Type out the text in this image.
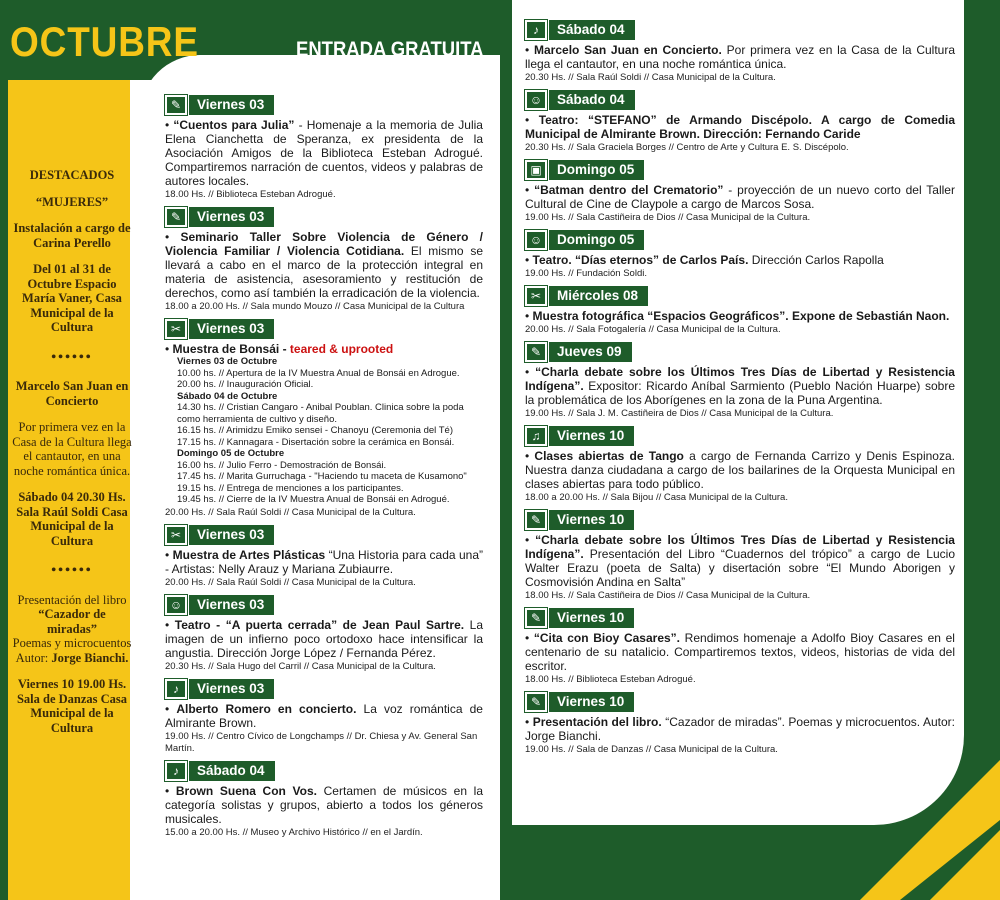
OCTUBRE	ENTRADA GRATUITA

DESTACADOS

“MUJERES”

Instalación a cargo de Carina Perello

Del 01 al 31 de Octubre Espacio María Vaner, Casa Municipal de la Cultura

••••••

Marcelo San Juan en Concierto

Por primera vez en la Casa de la Cultura llega el cantautor, en una noche romántica única.

Sábado 04 20.30 Hs. Sala Raúl Soldi Casa Municipal de la Cultura

••••••

Presentación del libro
“Cazador de miradas”
Poemas y microcuentos
Autor: Jorge Bianchi.

Viernes 10 19.00 Hs. Sala de Danzas Casa Municipal de la Cultura

✎	Viernes 03
• “Cuentos para Julia” - Homenaje a la memoria de Julia Elena Cianchetta de Speranza, ex presidenta de la Asociación Amigos de la Biblioteca Esteban Adrogué. Compartiremos narración de cuentos, videos y palabras de autores locales.
18.00 Hs. // Biblioteca Esteban Adrogué.
✎	Viernes 03
• Seminario Taller Sobre Violencia de Género / Violencia Familiar / Violencia Cotidiana. El mismo se llevará a cabo en el marco de la protección integral en materia de asistencia, asesoramiento y restitución de derechos, como así también la erradicación de la violencia.
18.00 a 20.00 Hs. // Sala mundo Mouzo // Casa Municipal de la Cultura
✂	Viernes 03
• Muestra de Bonsái - teared & uprooted
Viernes 03 de Octubre
10.00 hs. // Apertura de la IV Muestra Anual de Bonsái en Adrogue.
20.00 hs. // Inauguración Oficial.
Sábado 04 de Octubre
14.30 hs. // Cristian Cangaro - Anibal Poublan. Clinica sobre la poda como herramienta de cultivo y diseño.
16.15 hs. // Arimidzu Emiko sensei - Chanoyu (Ceremonia del Té)
17.15 hs. // Kannagara - Disertación sobre la cerámica en Bonsái.
Domingo 05 de Octubre
16.00 hs. // Julio Ferro - Demostración de Bonsái.
17.45 hs. // Marita Gurruchaga - "Haciendo tu maceta de Kusamono"
19.15 hs. // Entrega de menciones a los participantes.
19.45 hs. // Cierre de la IV Muestra Anual de Bonsái en Adrogué.
20.00 Hs. // Sala Raúl Soldi // Casa Municipal de la Cultura.
✂	Viernes 03
• Muestra de Artes Plásticas “Una Historia para cada una” - Artistas: Nelly Arauz y Mariana Zubiaurre.
20.00 Hs. // Sala Raúl Soldi // Casa Municipal de la Cultura.
☺	Viernes 03
• Teatro - “A puerta cerrada” de Jean Paul Sartre. La imagen de un infierno poco ortodoxo hace intensificar la angustia. Dirección Jorge López / Fernanda Pérez.
20.30 Hs. // Sala Hugo del Carril // Casa Municipal de la Cultura.
♪	Viernes 03
• Alberto Romero en concierto. La voz romántica de Almirante Brown.
19.00 Hs. // Centro Cívico de Longchamps // Dr. Chiesa y Av. General San Martín.
♪	Sábado 04
• Brown Suena Con Vos. Certamen de músicos en la categoría solistas y grupos, abierto a todos los géneros musicales.
15.00 a 20.00 Hs. // Museo y Archivo Histórico // en el Jardín.
♪	Sábado 04
• Marcelo San Juan en Concierto. Por primera vez en la Casa de la Cultura llega el cantautor, en una noche romántica única.
20.30 Hs. // Sala Raúl Soldi // Casa Municipal de la Cultura.
☺	Sábado 04
• Teatro: “STEFANO” de Armando Discépolo. A cargo de Comedia Municipal de Almirante Brown. Dirección: Fernando Caride
20.30 Hs. // Sala Graciela Borges // Centro de Arte y Cultura E. S. Discépolo.
▣	Domingo 05
• “Batman dentro del Crematorio” - proyección de un nuevo corto del Taller Cultural de Cine de Claypole a cargo de Marcos Sosa.
19.00 Hs. // Sala Castiñeira de Dios // Casa Municipal de la Cultura.
☺	Domingo 05
• Teatro. “Días eternos” de Carlos País. Dirección Carlos Rapolla
19.00 Hs. // Fundación Soldi.
✂	Miércoles 08
• Muestra fotográfica “Espacios Geográficos”. Expone de Sebastián Naon.
20.00 Hs. // Sala Fotogalería // Casa Municipal de la Cultura.
✎	Jueves 09
• “Charla debate sobre los Últimos Tres Días de Libertad y Resistencia Indígena”. Expositor: Ricardo Aníbal Sarmiento (Pueblo Nación Huarpe) sobre la problemática de los Aborígenes en la zona de la Puna Argentina.
19.00 Hs. // Sala J. M. Castiñeira de Dios // Casa Municipal de la Cultura.
♫	Viernes 10
• Clases abiertas de Tango a cargo de Fernanda Carrizo y Denis Espinoza. Nuestra danza ciudadana a cargo de los bailarines de la Orquesta Municipal en clases abiertas para todo público.
18.00 a 20.00 Hs. // Sala Bijou // Casa Municipal de la Cultura.
✎	Viernes 10
• “Charla debate sobre los Últimos Tres Días de Libertad y Resistencia Indígena”. Presentación del Libro “Cuadernos del trópico” a cargo de Lucio Walter Erazu (poeta de Salta) y disertación sobre “El Mundo Aborigen y Cosmovisión Andina en Salta”
18.00 Hs. // Sala Castiñeira de Dios // Casa Municipal de la Cultura.
✎	Viernes 10
• “Cita con Bioy Casares”. Rendimos homenaje a Adolfo Bioy Casares en el centenario de su natalicio. Compartiremos textos, videos, historias de vida del escritor.
18.00 Hs. // Biblioteca Esteban Adrogué.
✎	Viernes 10
• Presentación del libro. “Cazador de miradas”. Poemas y microcuentos. Autor: Jorge Bianchi.
19.00 Hs. // Sala de Danzas // Casa Municipal de la Cultura.
